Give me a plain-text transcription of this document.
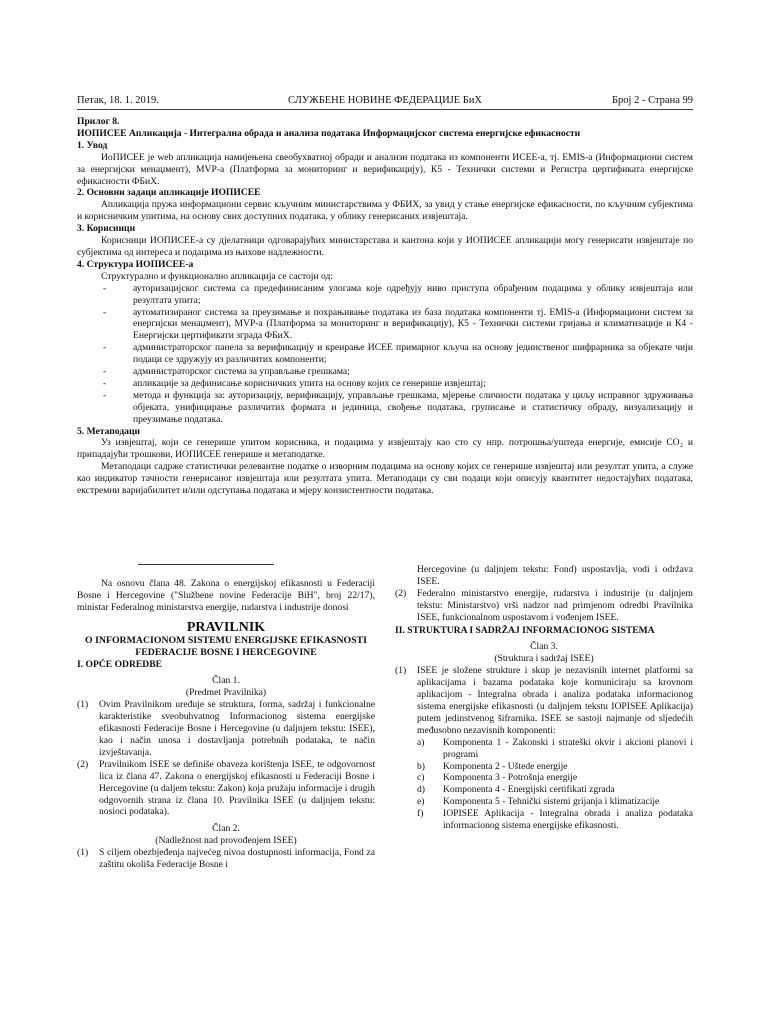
Петак, 18. 1. 2019.	СЛУЖБЕНЕ НОВИНЕ ФЕДЕРАЦИЈЕ БиХ	Број 2 - Страна 99

Прилог 8.

ИОПИСЕЕ Апликација - Интегрална обрада и анализа података Информацијског система енергијске ефикасности

1. Увод

ИоПИСЕЕ је web апликација намијењена свеобухватној обради и анализи података из компоненти ИСЕЕ-а, тј. EMIS-а (Информациони систем за енергијски менаџмент), MVP-а (Платформа за мониторинг и верификацију), К5 - Технички системи и Регистра цертификата енергијске ефикасности ФБиХ.

2. Основни задаци апликације ИОПИСЕЕ

Апликација пружа информациони сервис кључним министарствима у ФБИХ, за увид у стање енергијске ефикасности, по кључним субјектима и корисничким упитима, на основу свих доступних података, у облику генерисаних извјештаја.

3. Корисници

Корисници ИОПИСЕЕ-а су дјелатници одговарајућих министарстава и кантона који у ИОПИСЕЕ апликацији могу генерисати извјештаје по субјектима од интереса и подацима из њихове надлежности.

4. Структура ИОПИСЕЕ-а

Структурално и функционално апликација се састоји од:

- ауторизацијског система са предефинисаним улогама које одређују ниво приступа обрађеним подацима у облику извјештаја или резултата упита;
- аутоматизираног система за преузимање и похрањивање података из база података компоненти тј. EMIS-а (Информациони систем за енергијски менаџмент), MVP-а (Платформа за мониторинг и верификацију), К5 - Технички системи гријања и климатизације и К4 - Енергијски цертификати зграда ФБиХ.
- администраторског панела за верификацију и креирање ИСЕЕ примарног кључа на основу јединственог шифрарника за објекате чији подаци се здружују из различитих компоненти;
- администраторског система за управљање грешкама;
- апликације за дефинисање корисничких упита на основу којих се генерише извјештај;
- метода и функција за: ауторизацију, верификацију, управљање грешкама, мјерење сличности података у циљу исправног здруживања објеката, унифицирање различитих формата и јединица, свођење података, груписање и статистичку обраду, визуализацију и преузимање података.

5. Метаподаци

Уз извјештај, који се генерише упитом корисника, и подацима у извјештају као сто су нпр. потрошња/уштеда енергије, емисије CO₂ и припадајући трошкови, ИОПИСЕЕ генерише и метаподатке.

Метаподаци садрже статистички релевантне податке о изворним подацима на основу којих се генерише извјештај или резултат упита, а служе као индикатор тачности генерисаног извјештаја или резултата упита. Метаподаци су сви подаци који описују квантитет недостајућих података, екстремни варијабилитет и/или одступања података и мјеру конзистентности података.

Na osnovu člana 48. Zakona o energijskoj efikasnosti u Federaciji Bosne i Hercegovine ("Službene novine Federacije BiH", broj 22/17), ministar Federalnog ministarstva energije, rudarstva i industrije donosi

PRAVILNIK

O INFORMACIONOM SISTEMU ENERGIJSKE EFIKASNOSTI FEDERACIJE BOSNE I HERCEGOVINE

I. OPĆE ODREDBE

Član 1.

(Predmet Pravilnika)

(1) Ovim Pravilnikom uređuje se struktura, forma, sadržaj i funkcionalne karakteristike sveobuhvatnog Informacionog sistema energijske efikasnosti Federacije Bosne i Hercegovine (u daljnjem tekstu: ISEE), kao i način unosa i dostavljanja potrebnih podataka, te način izvještavanja.

(2) Pravilnikom ISEE se definiše obaveza korištenja ISEE, te odgovornost lica iz člana 47. Zakona o energijskoj efikasnosti u Federaciji Bosne i Hercegovine (u daljem tekstu: Zakon) koja pružaju informacije i drugih odgovornih strana iz člana 10. Pravilnika ISEE (u daljnjem tekstu: nosioci podataka).

Član 2.

(Nadležnost nad provođenjem ISEE)

(1) S ciljem obezbjeđenja najvećeg nivoa dostupnosti informacija, Fond za zaštitu okoliša Federacije Bosne i

Hercegovine (u daljnjem tekstu: Fond) uspostavlja, vodi i održava ISEE.

(2) Federalno ministarstvo energije, rudarstva i industrije (u daljnjem tekstu: Ministarstvo) vrši nadzor nad primjenom odredbi Pravilnika ISEE, funkcionalnom uspostavom i vođenjem ISEE.

II. STRUKTURA I SADRŽAJ INFORMACIONOG SISTEMA

Član 3.

(Struktura i sadržaj ISEE)

(1) ISEE je složene strukture i skup je nezavisnih internet platformi sa aplikacijama i bazama podataka koje komuniciraju sa krovnom aplikacijom - Integralna obrada i analiza podataka informacionog sistema energijske efikasnosti (u daljnjem tekstu IOPISEE Aplikacija) putem jedinstvenog šifrarnika. ISEE se sastoji najmanje od sljedećih međusobno nezavisnih komponenti:

a) Komponenta 1 - Zakonski i strateški okvir i akcioni planovi i programi

b) Komponenta 2 - Uštede energije

c) Komponenta 3 - Potrošnja energije

d) Komponenta 4 - Energijski certifikati zgrada

e) Komponenta 5 - Tehnički sistemi grijanja i klimatizacije

f) IOPISEE Aplikacija - Integralna obrada i analiza podataka informacionog sistema energijske efikasnosti.
